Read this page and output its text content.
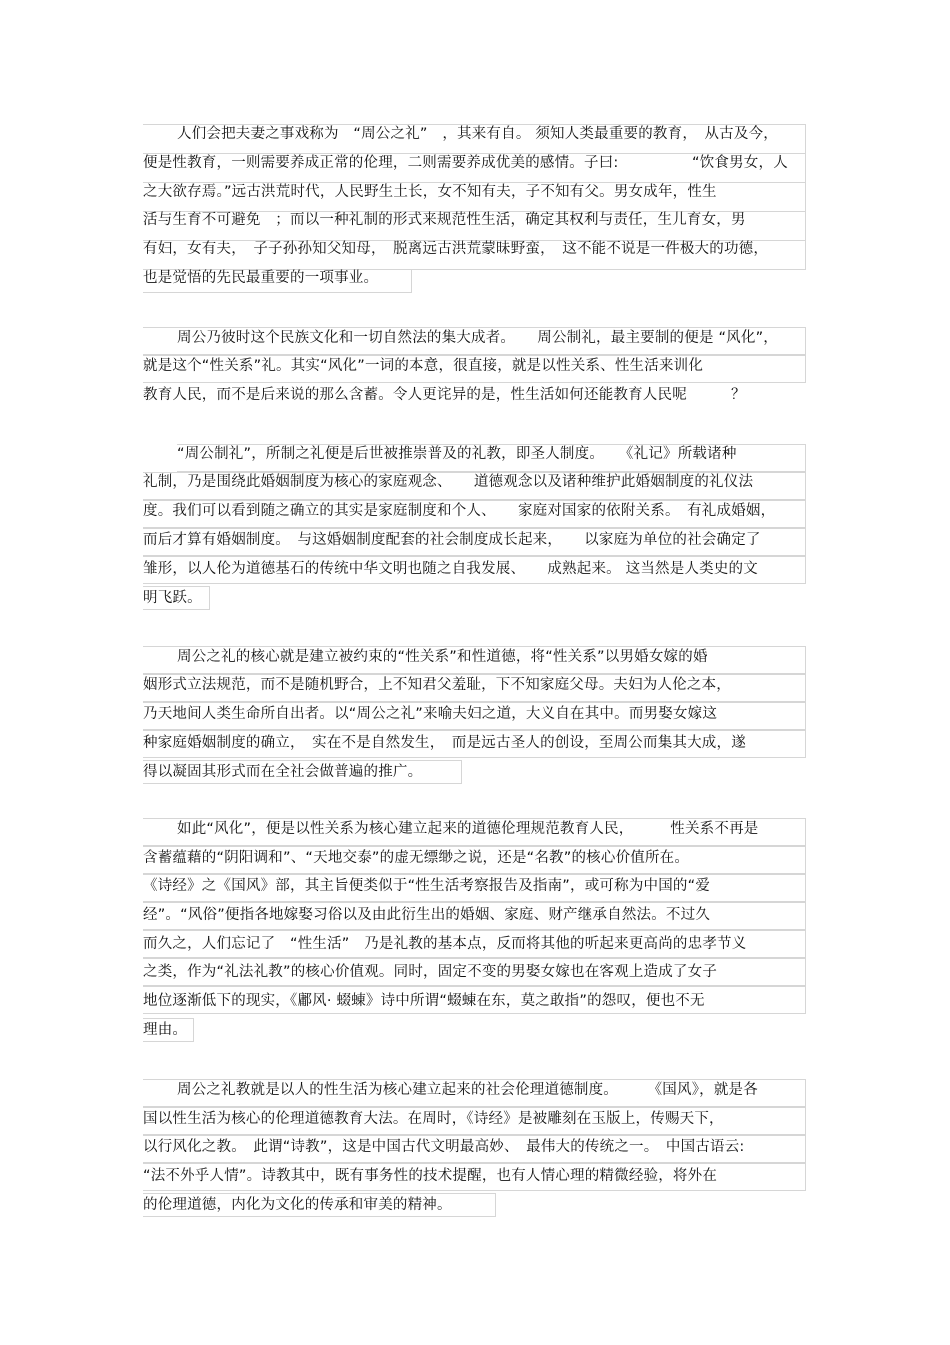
人们会把夫妻之事戏称为　“周公之礼”　，其来有自。 须知人类最重要的教育，　从古及今，
便是性教育，一则需要养成正常的伦理，二则需要养成优美的感情。子曰:　　　　　“饮食男女，人
之大欲存焉。”远古洪荒时代，人民野生土长，女不知有夫，子不知有父。男女成年，性生
活与生育不可避免　；而以一种礼制的形式来规范性生活，确定其权利与责任，生儿育女，男
有妇，女有夫，　子子孙孙知父知母，　脱离远古洪荒蒙昧野蛮，　这不能不说是一件极大的功德，
也是觉悟的先民最重要的一项事业。
周公乃彼时这个民族文化和一切自然法的集大成者。　　周公制礼，最主要制的便是 “风化”，
就是这个“性关系”礼。其实“风化”一词的本意，很直接，就是以性关系、性生活来训化
教育人民，而不是后来说的那么含蓄。令人更诧异的是，性生活如何还能教育人民呢　　　？
“周公制礼”，所制之礼便是后世被推崇普及的礼教，即圣人制度。　　《礼记》所载诸种
礼制，乃是围绕此婚姻制度为核心的家庭观念、　　道德观念以及诸种维护此婚姻制度的礼仪法
度。我们可以看到随之确立的其实是家庭制度和个人、　　家庭对国家的依附关系。　有礼成婚姻，
而后才算有婚姻制度。　与这婚姻制度配套的社会制度成长起来，　　以家庭为单位的社会确定了
雏形，以人伦为道德基石的传统中华文明也随之自我发展、　　成熟起来。 这当然是人类史的文
明飞跃。
周公之礼的核心就是建立被约束的“性关系”和性道德，将“性关系”以男婚女嫁的婚
姻形式立法规范，而不是随机野合，上不知君父羞耻，下不知家庭父母。夫妇为人伦之本，
乃天地间人类生命所自出者。以“周公之礼”来喻夫妇之道，大义自在其中。而男娶女嫁这
种家庭婚姻制度的确立，　实在不是自然发生，　而是远古圣人的创设，至周公而集其大成，遂
得以凝固其形式而在全社会做普遍的推广。
如此“风化”，便是以性关系为核心建立起来的道德伦理规范教育人民，　　　性关系不再是
含蓄蕴藉的“阴阳调和”、“天地交泰”的虚无缥缈之说，还是“名教”的核心价值所在。
《诗经》之《国风》部，其主旨便类似于“性生活考察报告及指南”，或可称为中国的“爱
经”。“风俗”便指各地嫁娶习俗以及由此衍生出的婚姻、家庭、财产继承自然法。不过久
而久之，人们忘记了　“性生活”　乃是礼教的基本点，反而将其他的听起来更高尚的忠孝节义
之类，作为“礼法礼教”的核心价值观。同时，固定不变的男娶女嫁也在客观上造成了女子
地位逐渐低下的现实，《鄘风· 蝃蝀》诗中所谓“蝃蝀在东，莫之敢指”的怨叹，便也不无
理由。
周公之礼教就是以人的性生活为核心建立起来的社会伦理道德制度。　　　《国风》，就是各
国以性生活为核心的伦理道德教育大法。在周时，《诗经》是被雕刻在玉版上，传赐天下，
以行风化之教。　此谓“诗教”，这是中国古代文明最高妙、　最伟大的传统之一。　中国古语云:
“法不外乎人情”。诗教其中，既有事务性的技术提醒，也有人情心理的精微经验，将外在
的伦理道德，内化为文化的传承和审美的精神。
